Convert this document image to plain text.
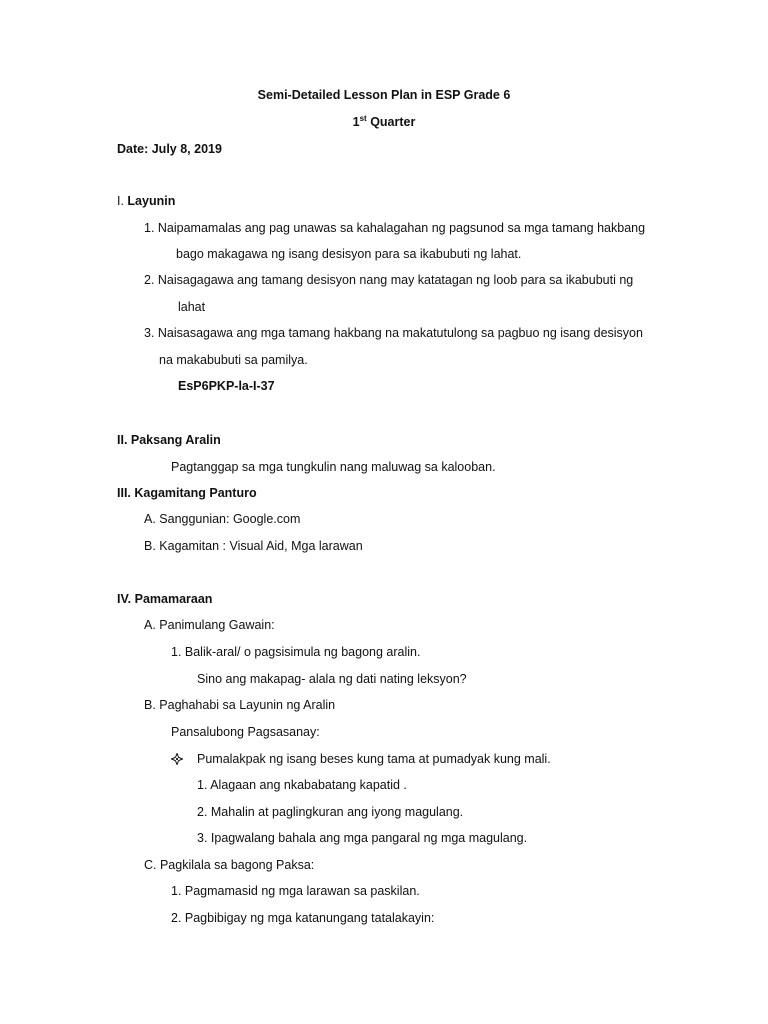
Semi-Detailed Lesson Plan in ESP Grade 6
1st Quarter
Date: July 8, 2019
I. Layunin
1. Naipamamalas ang pag unawas sa kahalagahan ng pagsunod sa mga tamang hakbang
bago makagawa ng isang desisyon para sa ikabubuti ng lahat.
2. Naisagagawa ang tamang desisyon nang may katatagan ng loob para sa ikabubuti ng
lahat
3. Naisasagawa ang mga tamang hakbang na makatutulong sa pagbuo ng isang desisyon
na makabubuti sa pamilya.
EsP6PKP-la-I-37
II. Paksang Aralin
Pagtanggap sa mga tungkulin nang maluwag sa kalooban.
III. Kagamitang Panturo
A. Sanggunian: Google.com
B. Kagamitan : Visual Aid, Mga larawan
IV. Pamamaraan
A. Panimulang Gawain:
1. Balik-aral/ o pagsisimula ng bagong aralin.
Sino ang makapag- alala ng dati nating leksyon?
B. Paghahabi sa Layunin ng Aralin
Pansalubong Pagsasanay:
Pumalakpak ng isang beses kung tama at pumadyak kung mali.
1. Alagaan ang nkababatang kapatid .
2. Mahalin at paglingkuran ang iyong magulang.
3. Ipagwalang bahala ang mga pangaral ng mga magulang.
C. Pagkilala sa bagong Paksa:
1. Pagmamasid ng mga larawan sa paskilan.
2. Pagbibigay ng mga katanungang tatalakayin:
